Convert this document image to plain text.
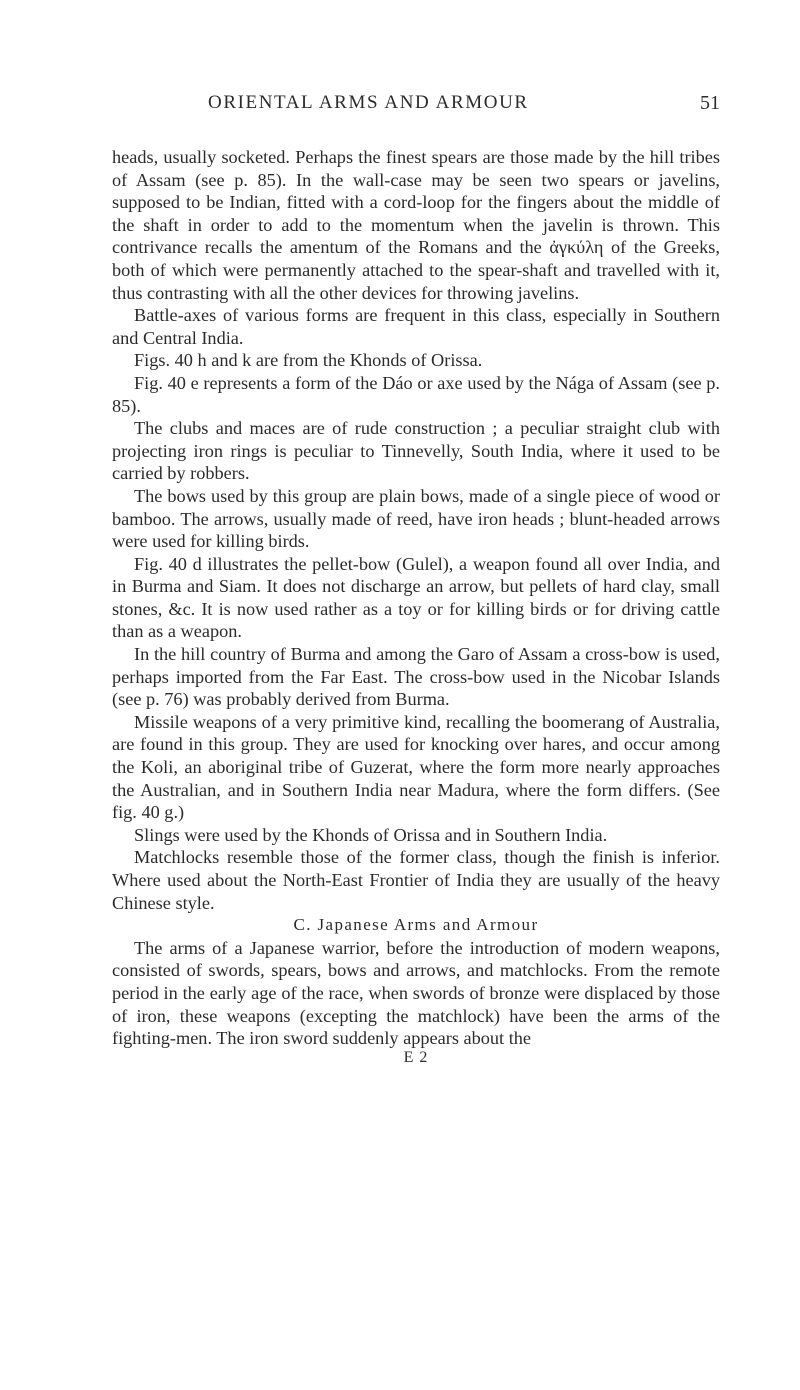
ORIENTAL ARMS AND ARMOUR	51

heads, usually socketed. Perhaps the finest spears are those made by the hill tribes of Assam (see p. 85). In the wall-case may be seen two spears or javelins, supposed to be Indian, fitted with a cord-loop for the fingers about the middle of the shaft in order to add to the momentum when the javelin is thrown. This contrivance recalls the amentum of the Romans and the ἀγκύλη of the Greeks, both of which were permanently attached to the spear-shaft and travelled with it, thus contrasting with all the other devices for throwing javelins.

Battle-axes of various forms are frequent in this class, especially in Southern and Central India.

Figs. 40 h and k are from the Khonds of Orissa.

Fig. 40 e represents a form of the Dáo or axe used by the Nága of Assam (see p. 85).

The clubs and maces are of rude construction ; a peculiar straight club with projecting iron rings is peculiar to Tinnevelly, South India, where it used to be carried by robbers.

The bows used by this group are plain bows, made of a single piece of wood or bamboo. The arrows, usually made of reed, have iron heads ; blunt-headed arrows were used for killing birds.

Fig. 40 d illustrates the pellet-bow (Gulel), a weapon found all over India, and in Burma and Siam. It does not discharge an arrow, but pellets of hard clay, small stones, &c. It is now used rather as a toy or for killing birds or for driving cattle than as a weapon.

In the hill country of Burma and among the Garo of Assam a cross-bow is used, perhaps imported from the Far East. The cross-bow used in the Nicobar Islands (see p. 76) was probably derived from Burma.

Missile weapons of a very primitive kind, recalling the boomerang of Australia, are found in this group. They are used for knocking over hares, and occur among the Koli, an aboriginal tribe of Guzerat, where the form more nearly approaches the Australian, and in Southern India near Madura, where the form differs. (See fig. 40 g.)

Slings were used by the Khonds of Orissa and in Southern India.

Matchlocks resemble those of the former class, though the finish is inferior. Where used about the North-East Frontier of India they are usually of the heavy Chinese style.

C. Japanese Arms and Armour

The arms of a Japanese warrior, before the introduction of modern weapons, consisted of swords, spears, bows and arrows, and matchlocks. From the remote period in the early age of the race, when swords of bronze were displaced by those of iron, these weapons (excepting the matchlock) have been the arms of the fighting-men. The iron sword suddenly appears about the

E 2
